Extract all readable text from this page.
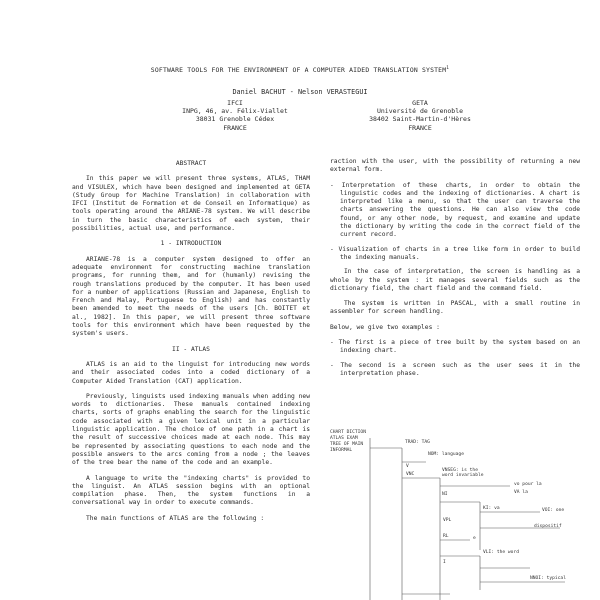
SOFTWARE TOOLS FOR THE ENVIRONMENT OF A COMPUTER AIDED TRANSLATION SYSTEM$^1$
Daniel BACHUT - Nelson VERASTEGUI
IFCI
INPG, 46, av. Félix-Viallet
38031 Grenoble Cédex
FRANCE
GETA
Université de Grenoble
38402 Saint-Martin-d'Hères
FRANCE
ABSTRACT

In this paper we will present three systems, ATLAS, THAM and VISULEX, which have been designed and implemented at GETA (Study Group for Machine Translation) in collaboration with IFCI (Institut de Formation et de Conseil en Informatique) as tools operating around the ARIANE-78 system. We will describe in turn the basic characteristics of each system, their possibilities, actual use, and performance.

1 - INTRODUCTION

ARIANE-78 is a computer system designed to offer an adequate environment for constructing machine translation programs, for running them, and for (humanly) revising the rough translations produced by the computer. It has been used for a number of applications (Russian and Japanese, English to French and Malay, Portuguese to English) and has constantly been amended to meet the needs of the users [Ch. BOITET et al., 1982]. In this paper, we will present three software tools for this environment which have been requested by the system's users.

II - ATLAS

ATLAS is an aid to the linguist for introducing new words and their associated codes into a coded dictionary of a Computer Aided Translation (CAT) application.

Previously, linguists used indexing manuals when adding new words to dictionaries. These manuals contained indexing charts, sorts of graphs enabling the search for the linguistic code associated with a given lexical unit in a particular linguistic application. The choice of one path in a chart is the result of successive choices made at each node. This may be represented by associating questions to each node and the possible answers to the arcs coming from a node ; the leaves of the tree bear the name of the code and an example.

A language to write the "indexing charts" is provided to the linguist. An ATLAS session begins with an optional compilation phase. Then, the system functions in a conversational way in order to execute commands.

The main functions of ATLAS are the following :

raction with the user, with the possibility of returning a new external form.

- Interpretation of these charts, in order to obtain the linguistic codes and the indexing of dictionaries. A chart is interpreted like a menu, so that the user can traverse the charts answering the questions. He can also view the code found, or any other node, by request, and examine and update the dictionary by writing the code in the correct field of the current record.
- Visualization of charts in a tree like form in order to build the indexing manuals.

In the case of interpretation, the screen is handling as a whole by the system : it manages several fields such as the dictionary field, the chart field and the command field.

The system is written in PASCAL, with a small routine in assembler for screen handling.

Below, we give two examples :

- The first is a piece of tree built by the system based on an indexing chart.
- The second is a screen such as the user sees it in the interpretation phase.
CHART DICTION
ATLAS EXAM
TREE OF MAIN
INFORMAL
TRAD: TAG
NOM: language
V
VNC
VNSEG: is the
word invariable
NI
vo pour la
VA la
KI: va
VPL
VOI: one
RL
dispositif
e
VLI: the word
I
NNOI: typical
